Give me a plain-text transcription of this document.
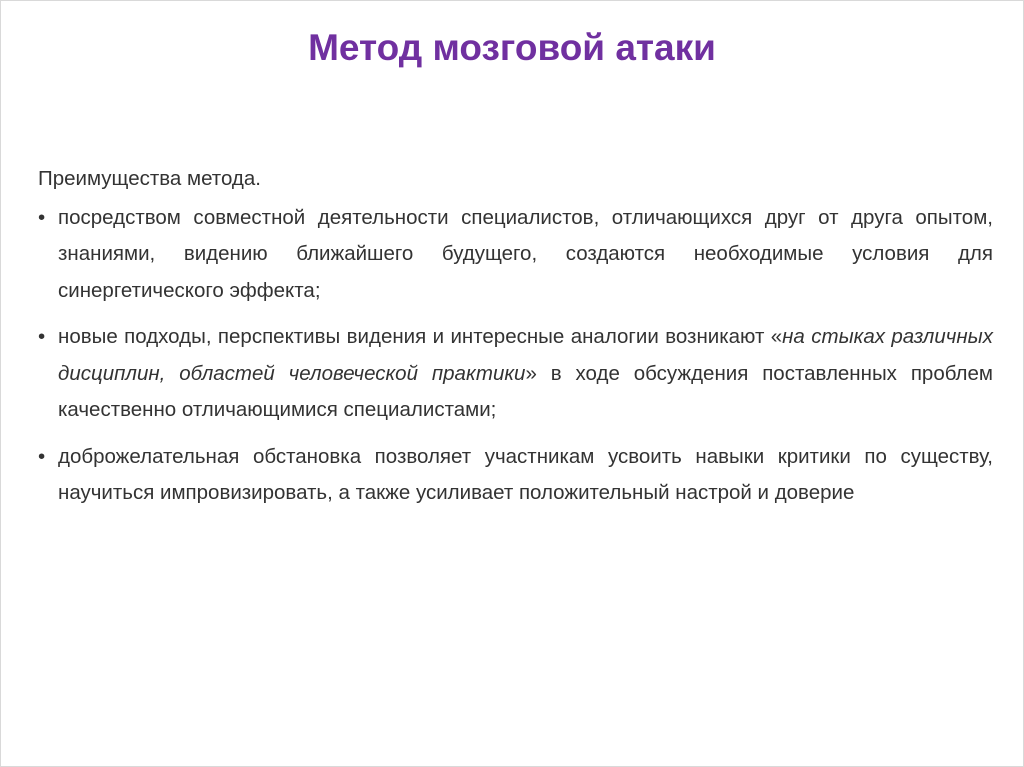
Метод мозговой атаки

Преимущества метода.

• посредством совместной деятельности специалистов, отличающихся друг от друга опытом, знаниями, видению ближайшего будущего, создаются необходимые условия для синергетического эффекта;
• новые подходы, перспективы видения и интересные аналогии возникают «на стыках различных дисциплин, областей человеческой практики» в ходе обсуждения поставленных проблем качественно отличающимися специалистами;
• доброжелательная обстановка позволяет участникам усвоить навыки критики по существу, научиться импровизировать, а также усиливает положительный настрой и доверие
